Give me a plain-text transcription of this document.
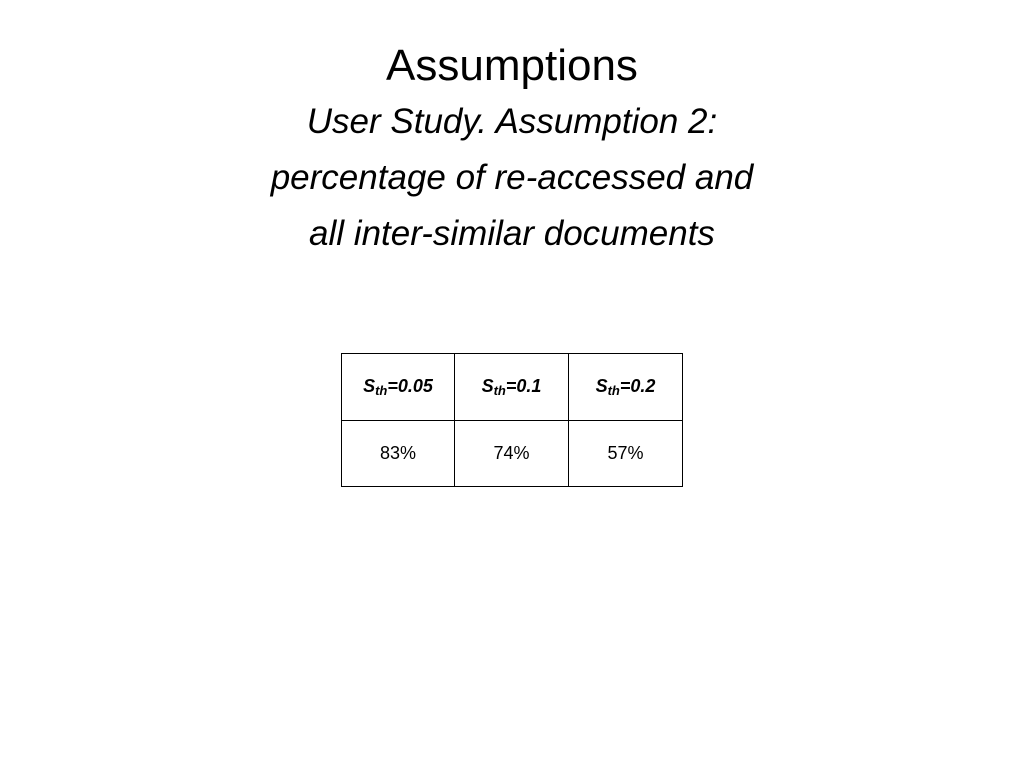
Assumptions
User Study. Assumption 2:
percentage of re-accessed and
all inter-similar documents
$S_{th}=0.05$	$S_{th}=0.1$	$S_{th}=0.2$
83%	74%	57%
